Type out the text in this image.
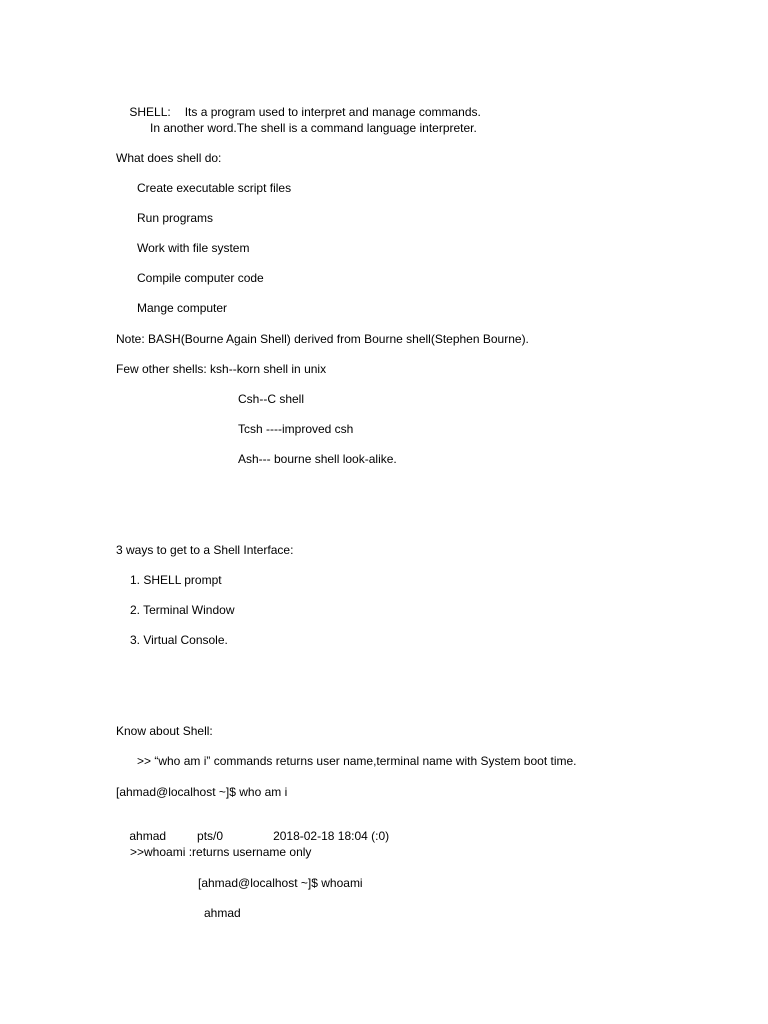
SHELL: Its a program used to interpret and manage commands.

In another word.The shell is a command language interpreter.
What does shell do:
Create executable script files
Run programs
Work with file system
Compile computer code
Mange computer
Note: BASH(Bourne Again Shell) derived from Bourne shell(Stephen Bourne).
Few other shells: ksh--korn shell in unix
Csh--C shell
Tcsh ----improved csh
Ash--- bourne shell look-alike.
3 ways to get to a Shell Interface:
1. SHELL prompt
2. Terminal Window
3. Virtual Console.
Know about Shell:
>> “who am i” commands returns user name,terminal name with System boot time.
[ahmad@localhost ~]$ who am i

ahmad	pts/0	2018-02-18 18:04 (:0)

>>whoami :returns username only
[ahmad@localhost ~]$ whoami
ahmad
